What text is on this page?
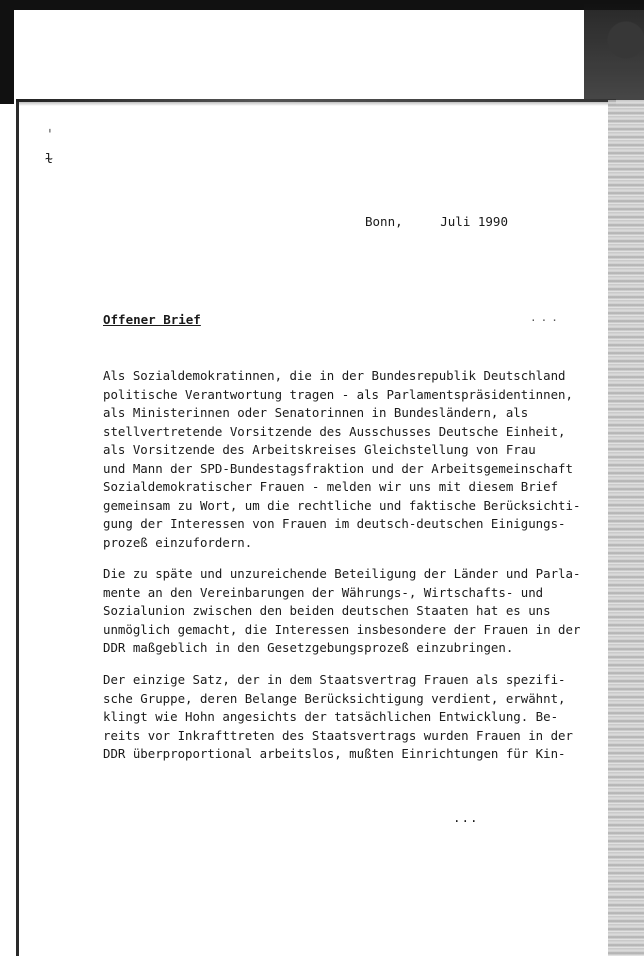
ˈ
ɫ
Bonn,     Juli 1990
Offener Brief	···
Als Sozialdemokratinnen, die in der Bundesrepublik Deutschland
politische Verantwortung tragen - als Parlamentspräsidentinnen,
als Ministerinnen oder Senatorinnen in Bundesländern, als
stellvertretende Vorsitzende des Ausschusses Deutsche Einheit,
als Vorsitzende des Arbeitskreises Gleichstellung von Frau
und Mann der SPD-Bundestagsfraktion und der Arbeitsgemeinschaft
Sozialdemokratischer Frauen - melden wir uns mit diesem Brief
gemeinsam zu Wort, um die rechtliche und faktische Berücksichti-
gung der Interessen von Frauen im deutsch-deutschen Einigungs-
prozeß einzufordern.
Die zu späte und unzureichende Beteiligung der Länder und Parla-
mente an den Vereinbarungen der Währungs-, Wirtschafts- und
Sozialunion zwischen den beiden deutschen Staaten hat es uns
unmöglich gemacht, die Interessen insbesondere der Frauen in der
DDR maßgeblich in den Gesetzgebungsprozeß einzubringen.
Der einzige Satz, der in dem Staatsvertrag Frauen als spezifi-
sche Gruppe, deren Belange Berücksichtigung verdient, erwähnt,
klingt wie Hohn angesichts der tatsächlichen Entwicklung. Be-
reits vor Inkrafttreten des Staatsvertrags wurden Frauen in der
DDR überproportional arbeitslos, mußten Einrichtungen für Kin-
...
